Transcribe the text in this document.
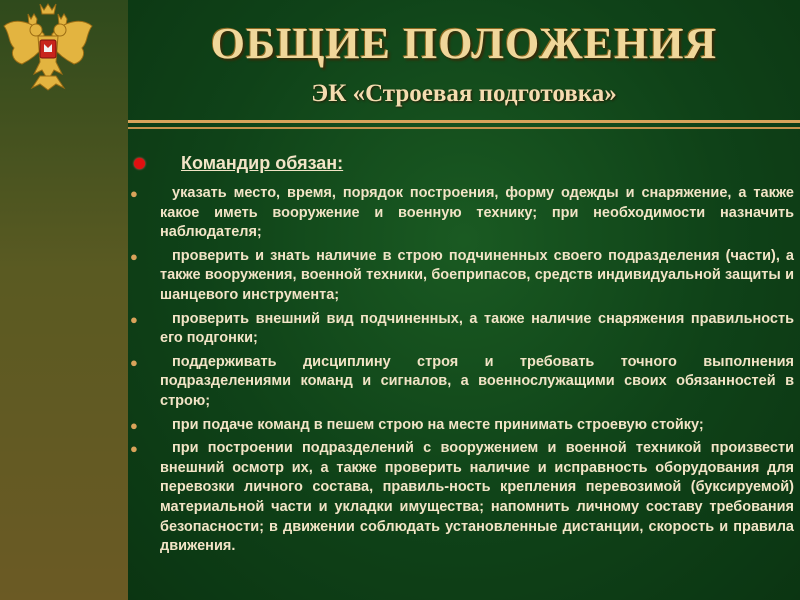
ОБЩИЕ ПОЛОЖЕНИЯ
ЭК «Строевая подготовка»
Командир обязан:
●	указать место, время, порядок построения, форму одежды и снаряжение, а также какое иметь вооружение и военную технику; при необходимости назначить наблюдателя;
●	проверить и знать наличие в строю подчиненных своего подразделения (части), а также вооружения, военной техники, боеприпасов, средств индивидуальной защиты и шанцевого инструмента;
●	проверить внешний вид подчиненных, а также наличие снаряжения правильность его подгонки;
●	поддерживать дисциплину строя и требовать точного выполнения подразделениями команд и сигналов, а военнослужащими своих обязанностей в строю;
●	при подаче команд в пешем строю на месте принимать строевую стойку;
●	при построении подразделений с вооружением и военной техникой произвести внешний осмотр их, а также проверить наличие и исправность оборудования для перевозки личного состава, правиль-ность крепления перевозимой (буксируемой) материальной части и укладки имущества; напомнить личному составу требования безопасности; в движении соблюдать установленные дистанции, скорость и правила движения.
